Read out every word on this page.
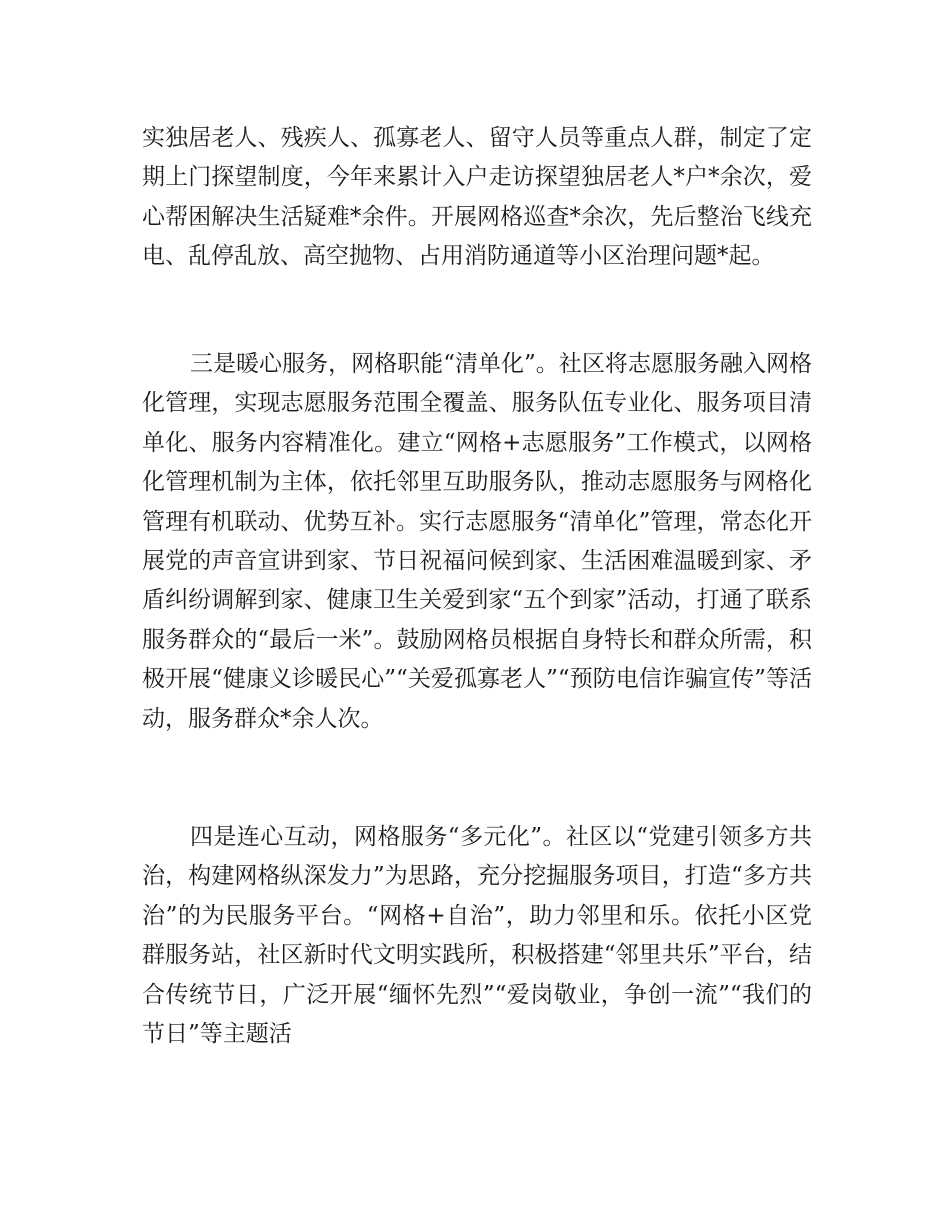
实独居老人、残疾人、孤寡老人、留守人员等重点人群，制定了定期上门探望制度，今年来累计入户走访探望独居老人*户*余次，爱心帮困解决生活疑难*余件。开展网格巡查*余次，先后整治飞线充电、乱停乱放、高空抛物、占用消防通道等小区治理问题*起。

三是暖心服务，网格职能“清单化”。社区将志愿服务融入网格化管理，实现志愿服务范围全覆盖、服务队伍专业化、服务项目清单化、服务内容精准化。建立“网格+志愿服务”工作模式，以网格化管理机制为主体，依托邻里互助服务队，推动志愿服务与网格化管理有机联动、优势互补。实行志愿服务“清单化”管理，常态化开展党的声音宣讲到家、节日祝福问候到家、生活困难温暖到家、矛盾纠纷调解到家、健康卫生关爱到家“五个到家”活动，打通了联系服务群众的“最后一米”。鼓励网格员根据自身特长和群众所需，积极开展“健康义诊暖民心”“关爱孤寡老人”“预防电信诈骗宣传”等活动，服务群众*余人次。

四是连心互动，网格服务“多元化”。社区以“党建引领多方共治，构建网格纵深发力”为思路，充分挖掘服务项目，打造“多方共治”的为民服务平台。“网格+自治”，助力邻里和乐。依托小区党群服务站，社区新时代文明实践所，积极搭建“邻里共乐”平台，结合传统节日，广泛开展“缅怀先烈”“爱岗敬业，争创一流”“我们的节日”等主题活
